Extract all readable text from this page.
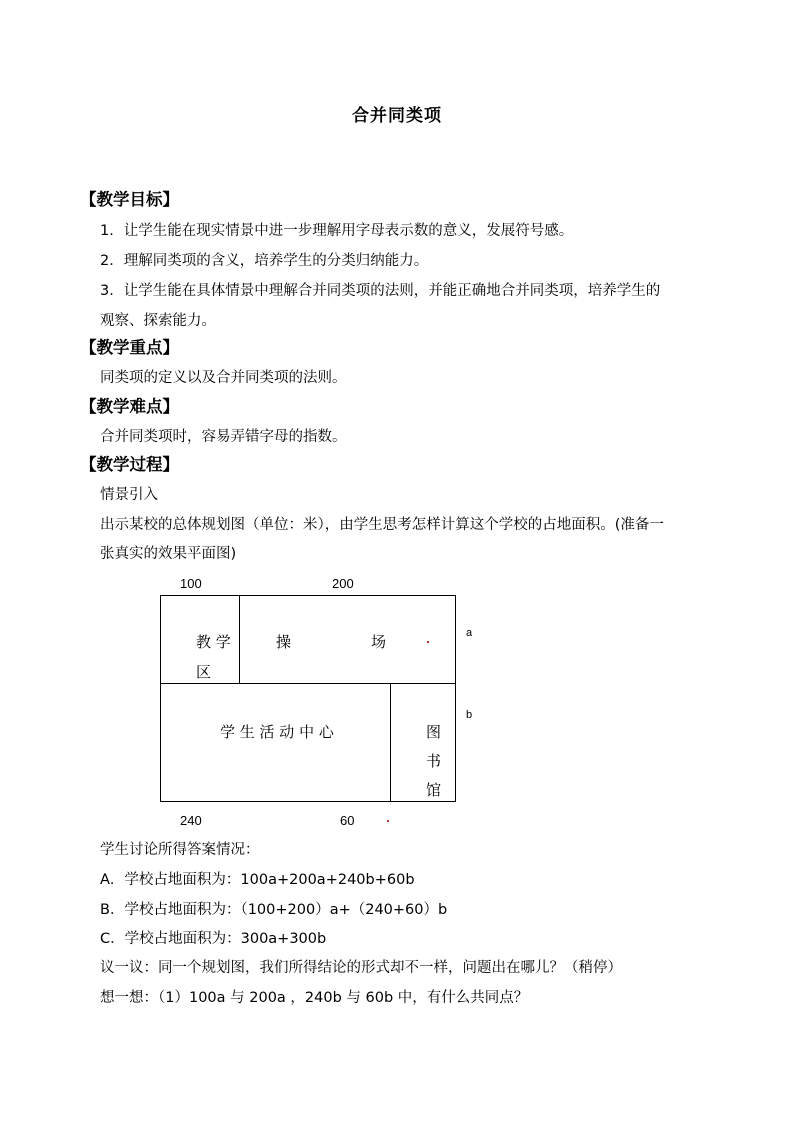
合并同类项
【教学目标】
1．让学生能在现实情景中进一步理解用字母表示数的意义，发展符号感。
2．理解同类项的含义，培养学生的分类归纳能力。
3．让学生能在具体情景中理解合并同类项的法则，并能正确地合并同类项，培养学生的
观察、探索能力。
【教学重点】
同类项的定义以及合并同类项的法则。
【教学难点】
合并同类项时，容易弄错字母的指数。
【教学过程】
情景引入
出示某校的总体规划图（单位：米），由学生思考怎样计算这个学校的占地面积。(准备一
张真实的效果平面图)
100	200
a
b
教 学
区
操	场
学 生 活 动 中 心	图
书
馆
240	60
学生讨论所得答案情况：
A．学校占地面积为：100a+200a+240b+60b
B．学校占地面积为：（100+200）a+（240+60）b
C．学校占地面积为：300a+300b
议一议：同一个规划图，我们所得结论的形式却不一样，问题出在哪儿？（稍停）
想一想：（1）100a 与 200a ，240b 与 60b 中，有什么共同点？
